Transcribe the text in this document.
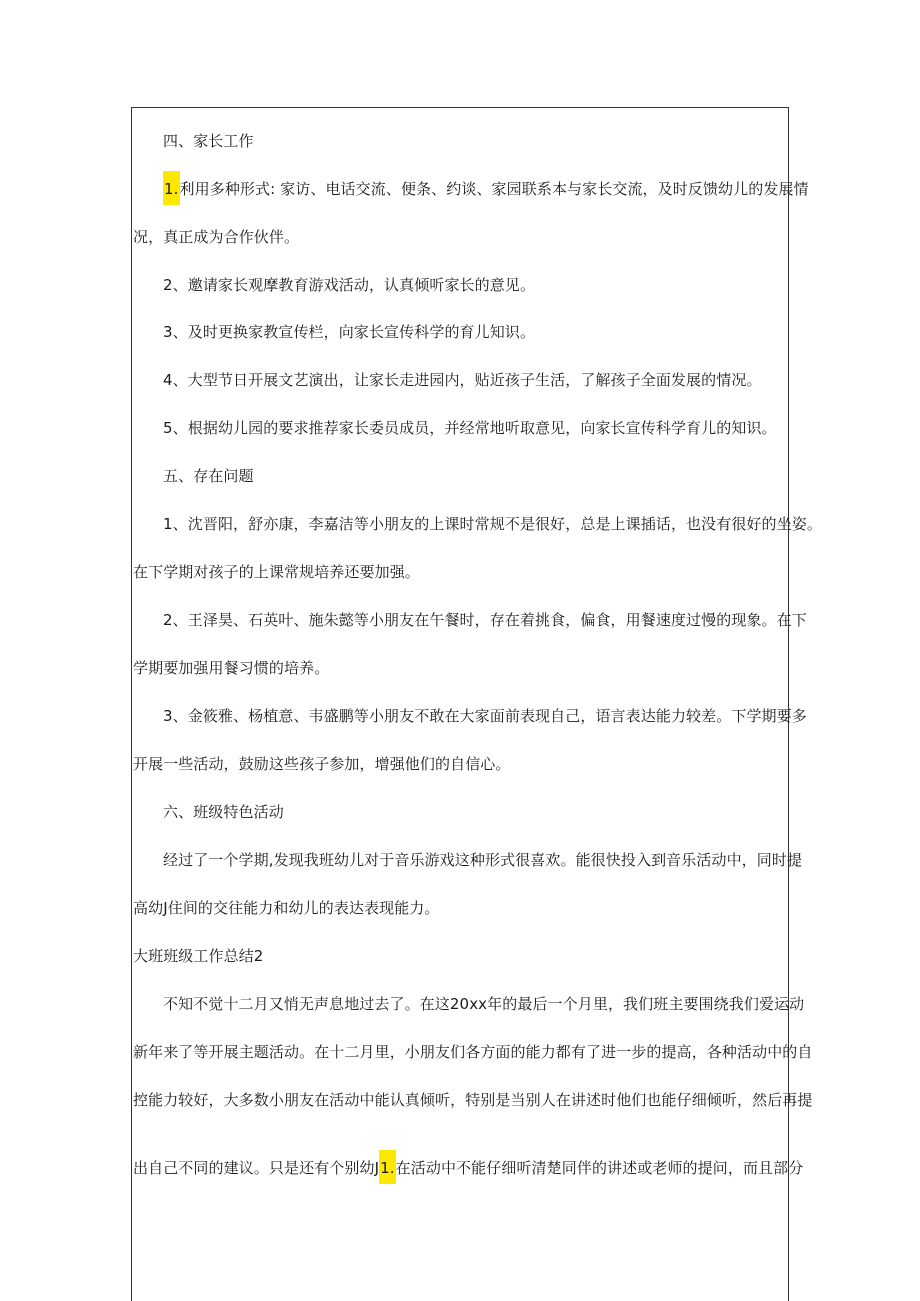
四、家长工作
1.利用多种形式: 家访、电话交流、便条、约谈、家园联系本与家长交流，及时反馈幼儿的发展情
况，真正成为合作伙伴。
2、邀请家长观摩教育游戏活动，认真倾听家长的意见。
3、及时更换家教宣传栏，向家长宣传科学的育儿知识。
4、大型节日开展文艺演出，让家长走进园内，贴近孩子生活，了解孩子全面发展的情况。
5、根据幼儿园的要求推荐家长委员成员，并经常地听取意见，向家长宣传科学育儿的知识。
五、存在问题
1、沈晋阳，舒亦康，李嘉洁等小朋友的上课时常规不是很好，总是上课插话，也没有很好的坐姿。
在下学期对孩子的上课常规培养还要加强。
2、王泽昊、石英叶、施朱懿等小朋友在午餐时，存在着挑食，偏食，用餐速度过慢的现象。在下
学期要加强用餐习惯的培养。
3、金筱雅、杨植意、韦盛鹏等小朋友不敢在大家面前表现自己，语言表达能力较差。下学期要多
开展一些活动，鼓励这些孩子参加，增强他们的自信心。
六、班级特色活动
经过了一个学期,发现我班幼儿对于音乐游戏这种形式很喜欢。能很快投入到音乐活动中，同时提
高幼J住间的交往能力和幼儿的表达表现能力。
大班班级工作总结2
不知不觉十二月又悄无声息地过去了。在这20xx年的最后一个月里，我们班主要围绕我们爱运动
新年来了等开展主题活动。在十二月里，小朋友们各方面的能力都有了进一步的提高，各种活动中的自
控能力较好，大多数小朋友在活动中能认真倾听，特别是当别人在讲述时他们也能仔细倾听，然后再提
出自己不同的建议。只是还有个别幼J1.在活动中不能仔细听清楚同伴的讲述或老师的提问，而且部分
